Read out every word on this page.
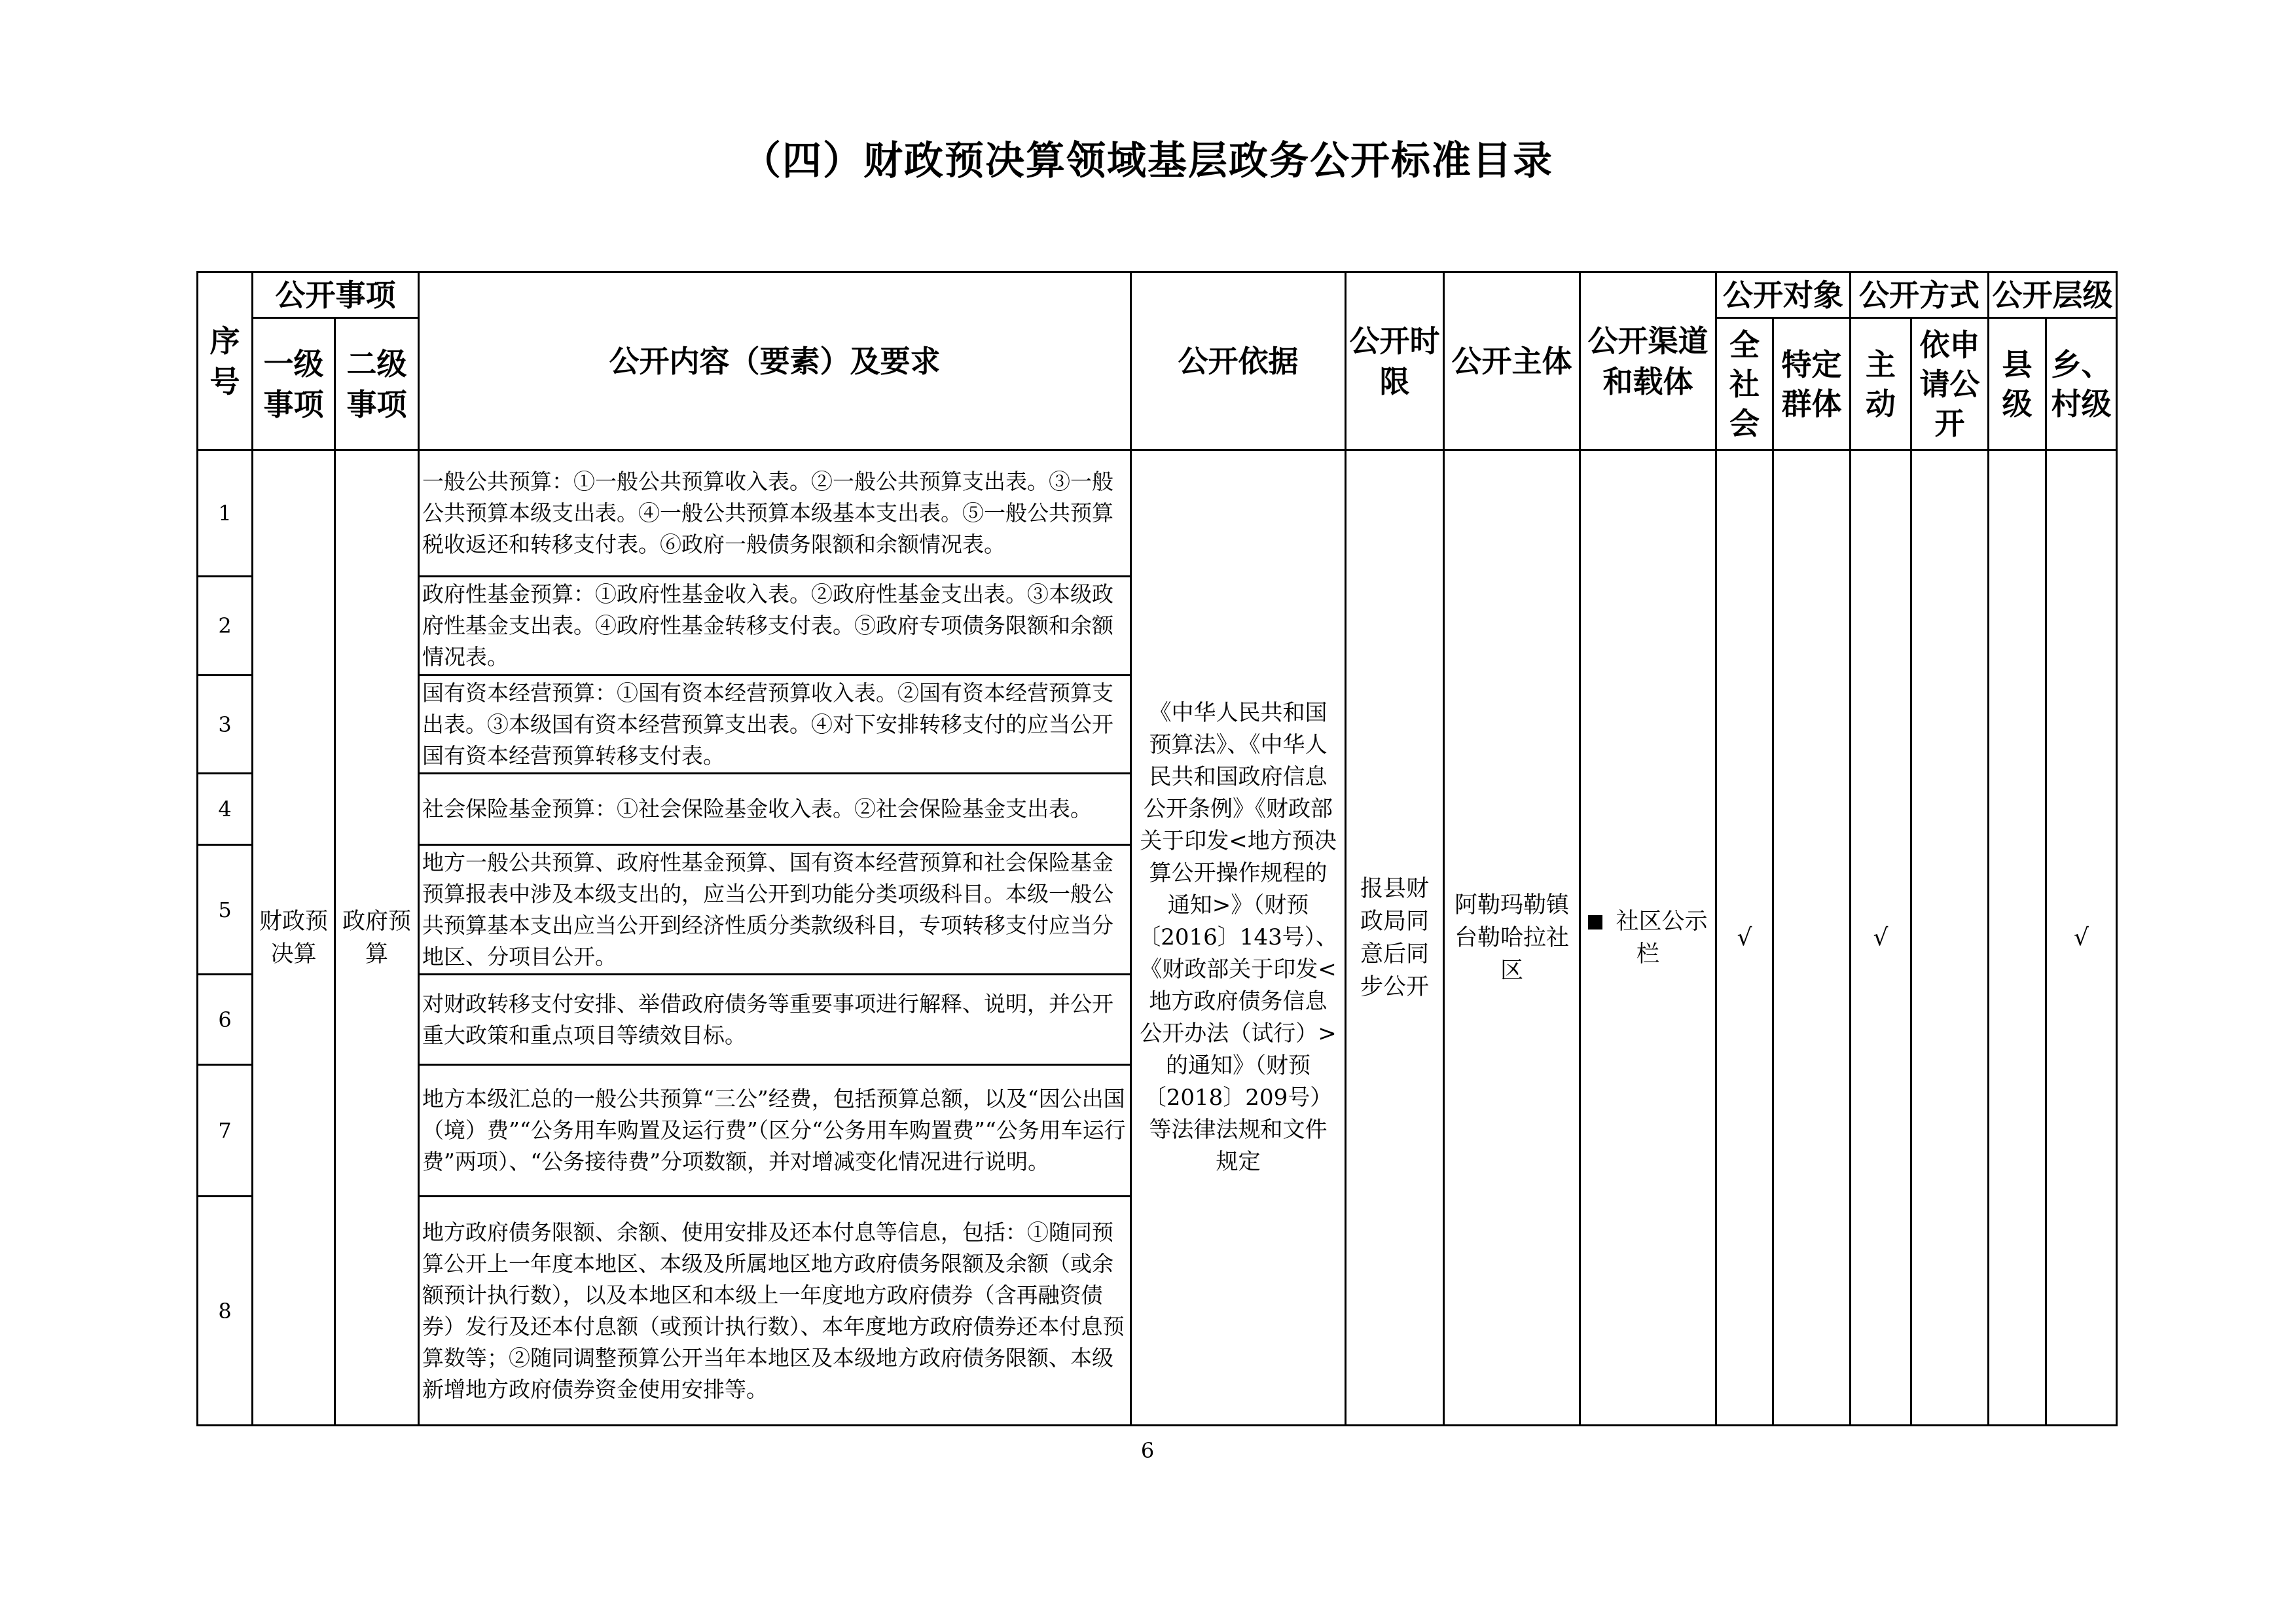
（四）财政预决算领域基层政务公开标准目录
序号	公开事项		公开内容（要素）及要求	公开依据	公开时限	公开主体	公开渠道和载体	公开对象		公开方式		公开层级	
	一级事项	二级事项						全社会	特定群体	主动	依申请公开	县级	乡、村级
1	财政预决算	政府预算	一般公共预算：①一般公共预算收入表。②一般公共预算支出表。③一般公共预算本级支出表。④一般公共预算本级基本支出表。⑤一般公共预算税收返还和转移支付表。⑥政府一般债务限额和余额情况表。	《中华人民共和国预算法》、《中华人民共和国政府信息公开条例》《财政部关于印发<地方预决算公开操作规程的通知>》（财预〔2016〕143号）、《财政部关于印发<地方政府债务信息公开办法（试行）>的通知》（财预〔2018〕209号）等法律法规和文件规定	报县财政局同意后同步公开	阿勒玛勒镇台勒哈拉社区	社区公示栏	√		√			√
2			政府性基金预算：①政府性基金收入表。②政府性基金支出表。③本级政府性基金支出表。④政府性基金转移支付表。⑤政府专项债务限额和余额情况表。										
3			国有资本经营预算：①国有资本经营预算收入表。②国有资本经营预算支出表。③本级国有资本经营预算支出表。④对下安排转移支付的应当公开国有资本经营预算转移支付表。										
4			社会保险基金预算：①社会保险基金收入表。②社会保险基金支出表。										
5			地方一般公共预算、政府性基金预算、国有资本经营预算和社会保险基金预算报表中涉及本级支出的，应当公开到功能分类项级科目。本级一般公共预算基本支出应当公开到经济性质分类款级科目，专项转移支付应当分地区、分项目公开。										
6			对财政转移支付安排、举借政府债务等重要事项进行解释、说明，并公开重大政策和重点项目等绩效目标。										
7			地方本级汇总的一般公共预算“三公”经费，包括预算总额，以及“因公出国（境）费”“公务用车购置及运行费”（区分“公务用车购置费”“公务用车运行费”两项）、“公务接待费”分项数额，并对增减变化情况进行说明。										
8			地方政府债务限额、余额、使用安排及还本付息等信息，包括：①随同预算公开上一年度本地区、本级及所属地区地方政府债务限额及余额（或余额预计执行数），以及本地区和本级上一年度地方政府债券（含再融资债券）发行及还本付息额（或预计执行数）、本年度地方政府债券还本付息预算数等；②随同调整预算公开当年本地区及本级地方政府债务限额、本级新增地方政府债券资金使用安排等。										
6
